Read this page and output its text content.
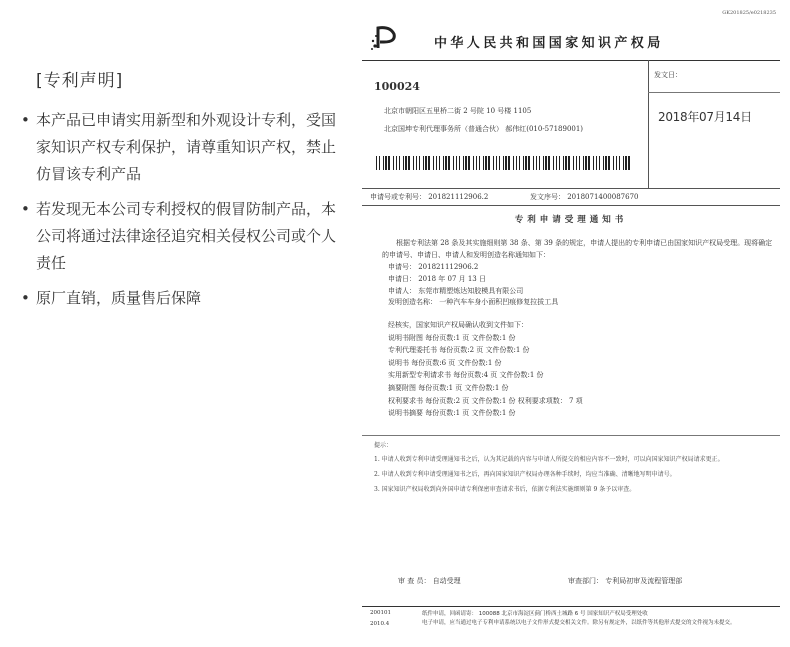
[专利声明]
• 本产品已申请实用新型和外观设计专利，受国家知识产权专利保护，请尊重知识产权，禁止仿冒该专利产品
• 若发现无本公司专利授权的假冒防制产品，本公司将通过法律途径追究相关侵权公司或个人责任
• 原厂直销，质量售后保障
GK201825/e0218235
中华人民共和国国家知识产权局
100024
北京市朝阳区五里桥二街 2 号院 10 号楼 1105
北京国坤专利代理事务所（普通合伙） 郝伟红(010-57189001)
发文日：
2018年07月14日
申请号或专利号： 201821112906.2	发文序号： 2018071400087670
专利申请受理通知书

根据专利法第 28 条及其实施细则第 38 条、第 39 条的规定，申请人提出的专利申请已由国家知识产权局受理。现将确定的申请号、申请日、申请人和发明创造名称通知如下：

申请号： 201821112906.2
申请日： 2018 年 07 月 13 日
申请人： 东莞市精塑炼达知胶模具有限公司
发明创造名称： 一种汽车车身小面积凹痕修复拉拔工具
经核实，国家知识产权局确认收到文件如下：
说明书附图 每份页数:1 页 文件份数:1 份
专利代理委托书 每份页数:2 页 文件份数:1 份
说明书 每份页数:6 页 文件份数:1 份
实用新型专利请求书 每份页数:4 页 文件份数:1 份
摘要附图 每份页数:1 页 文件份数:1 份
权利要求书 每份页数:2 页 文件份数:1 份 权利要求项数： 7 项
说明书摘要 每份页数:1 页 文件份数:1 份
提示：

1. 申请人收到专利申请受理通知书之后，认为其记载的内容与申请人所提交的相应内容不一致时，可以向国家知识产权局请求更正。

2. 申请人收到专利申请受理通知书之后，再向国家知识产权局办理各种手续时，均应当准确、清晰地写明申请号。

3. 国家知识产权局收到向外国申请专利保密审查请求书后，依据专利法实施细则第 9 条予以审查。

审 查 员： 自动受理	审查部门： 专利局初审及流程管理部
200101
2010.4
纸件申请，回函请寄： 100088 北京市海淀区蓟门桥西土城路 6 号 国家知识产权局受理处收
电子申请，应当通过电子专利申请系统以电子文件形式提交相关文件。除另有规定外，以纸件等其他形式提交的文件视为未提交。
